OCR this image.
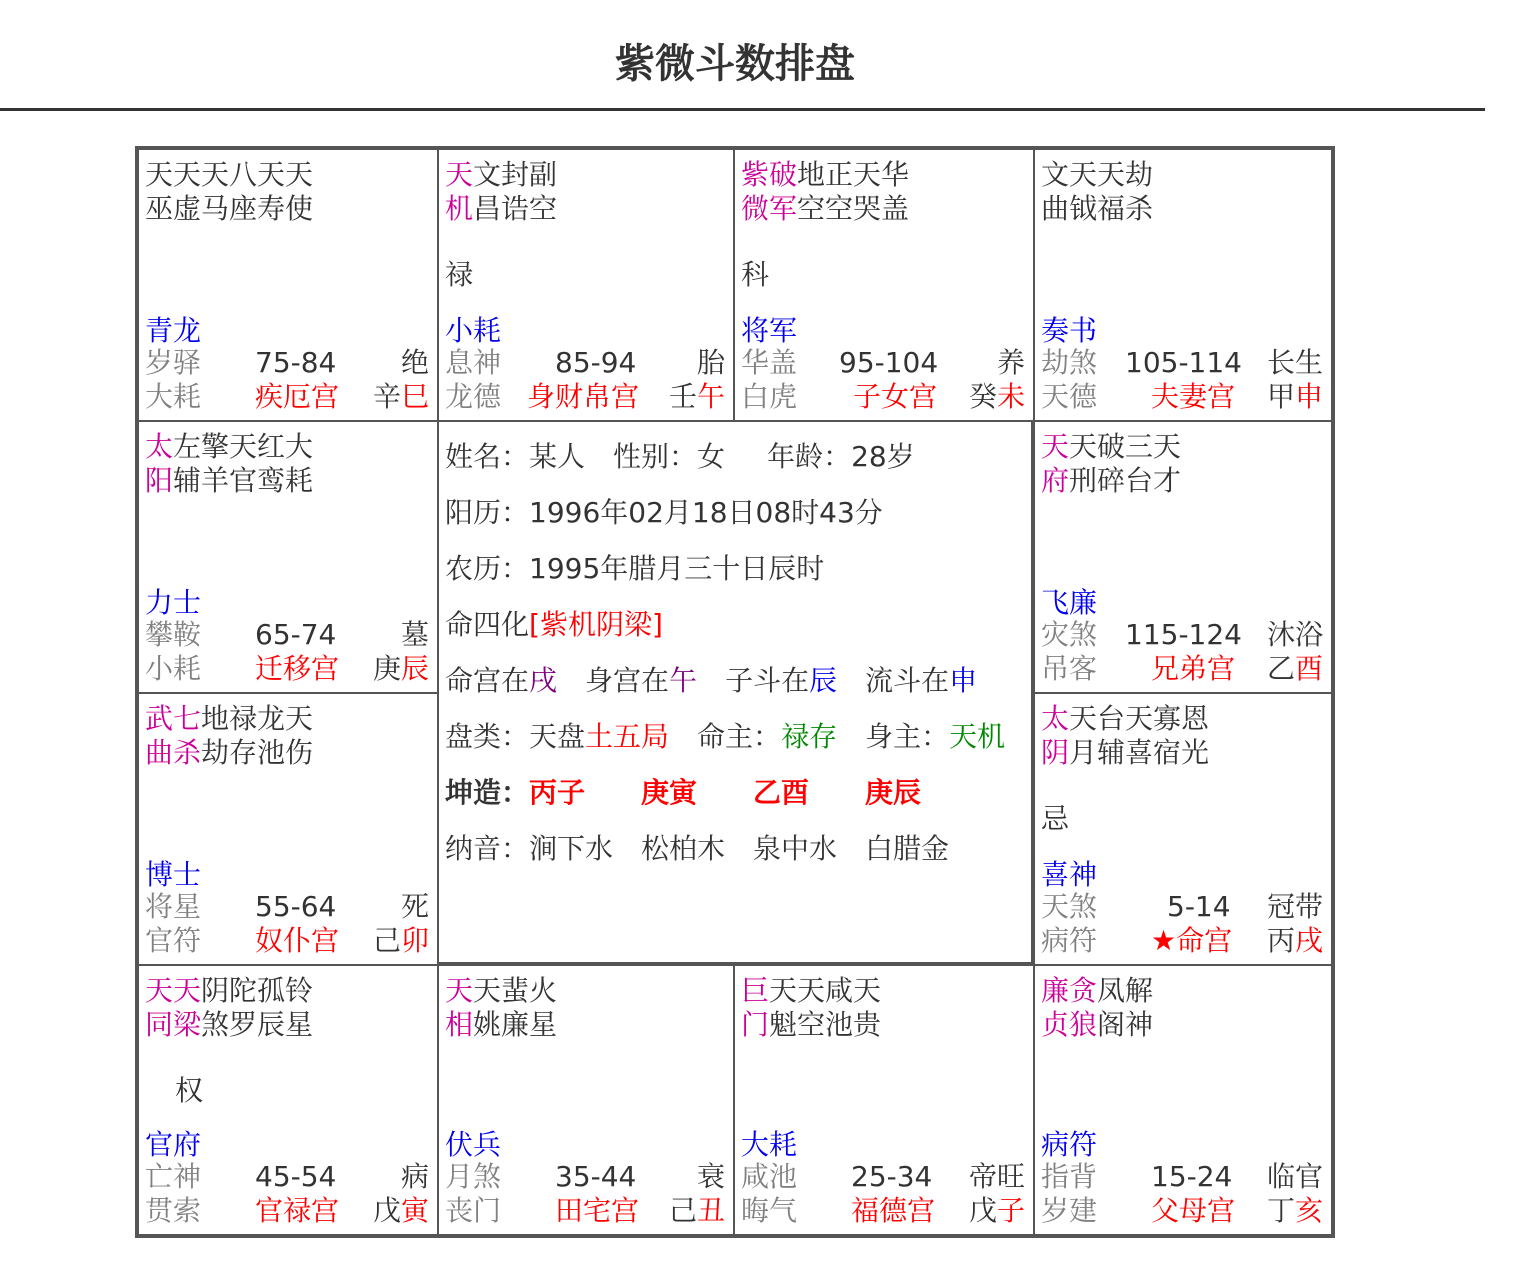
紫微斗数排盘
天天天八天天
巫虚马座寿使
青龙
岁驿 75-84	绝
大耗 疾厄宫 辛巳
天文封副
机昌诰空
禄
小耗
息神 85-94	胎
龙德 身财帛宫 壬午
紫破地正天华
微军空空哭盖
科
将军
华盖 95-104	养
白虎 子女宫 癸未
文天天劫
曲钺福杀
奏书
劫煞 105-114 长生
天德 夫妻宫 甲申
太左擎天红大
阳辅羊官鸾耗
力士
攀鞍 65-74	墓
小耗 迁移宫 庚辰
天天破三天
府刑碎台才
飞廉
灾煞 115-124 沐浴
吊客 兄弟宫 乙酉
武七地禄龙天
曲杀劫存池伤
博士
将星 55-64	死
官符 奴仆宫 己卯
太天台天寡恩
阴月辅喜宿光
忌
喜神
天煞 5-14	冠带
病符 ★命宫 丙戌
天天阴陀孤铃
同梁煞罗辰星
权
官府
亡神 45-54	病
贯索 官禄宫 戊寅
天天蜚火
相姚廉星
伏兵
月煞 35-44	衰
丧门 田宅宫 己丑
巨天天咸天
门魁空池贵
大耗
咸池 25-34	帝旺
晦气 福德宫 戊子
廉贪凤解
贞狼阁神
病符
指背 15-24	临官
岁建 父母宫 丁亥
姓名：某人 性别：女 年龄：28岁
阳历：1996年02月18日08时43分
农历：1995年腊月三十日辰时
命四化[紫机阴梁]
命宫在戌 身宫在午 子斗在辰 流斗在申
盘类：天盘土五局 命主：禄存 身主：天机
坤造：丙子 庚寅 乙酉 庚辰
纳音：涧下水 松柏木 泉中水 白腊金
